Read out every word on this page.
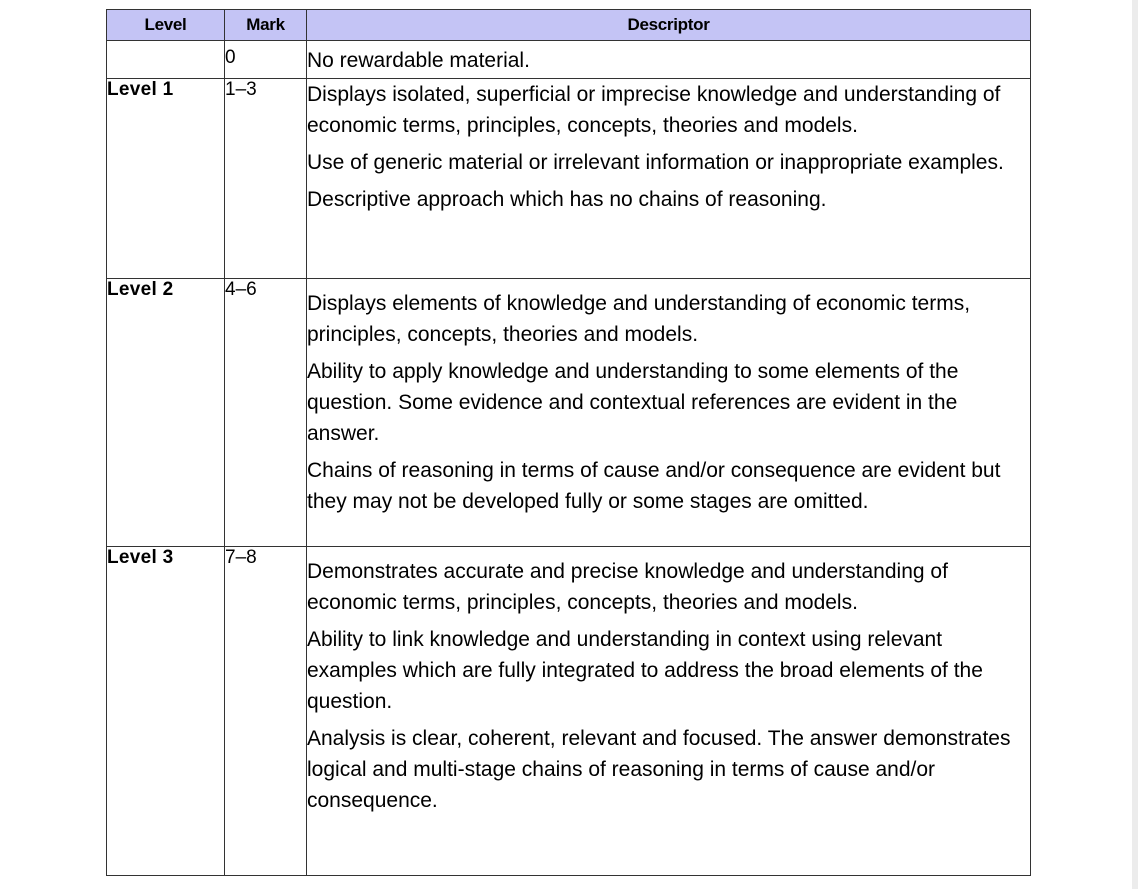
Level	Mark	Descriptor
	0	No rewardable material.

Level 1	1–3	Displays isolated, superficial or imprecise knowledge and understanding of economic terms, principles, concepts, theories and models.

Use of generic material or irrelevant information or inappropriate examples.

Descriptive approach which has no chains of reasoning.

Level 2	4–6	Displays elements of knowledge and understanding of economic terms, principles, concepts, theories and models.

Ability to apply knowledge and understanding to some elements of the question. Some evidence and contextual references are evident in the answer.

Chains of reasoning in terms of cause and/or consequence are evident but they may not be developed fully or some stages are omitted.

Level 3	7–8	Demonstrates accurate and precise knowledge and understanding of economic terms, principles, concepts, theories and models.

Ability to link knowledge and understanding in context using relevant examples which are fully integrated to address the broad elements of the question.

Analysis is clear, coherent, relevant and focused. The answer demonstrates logical and multi-stage chains of reasoning in terms of cause and/or consequence.
